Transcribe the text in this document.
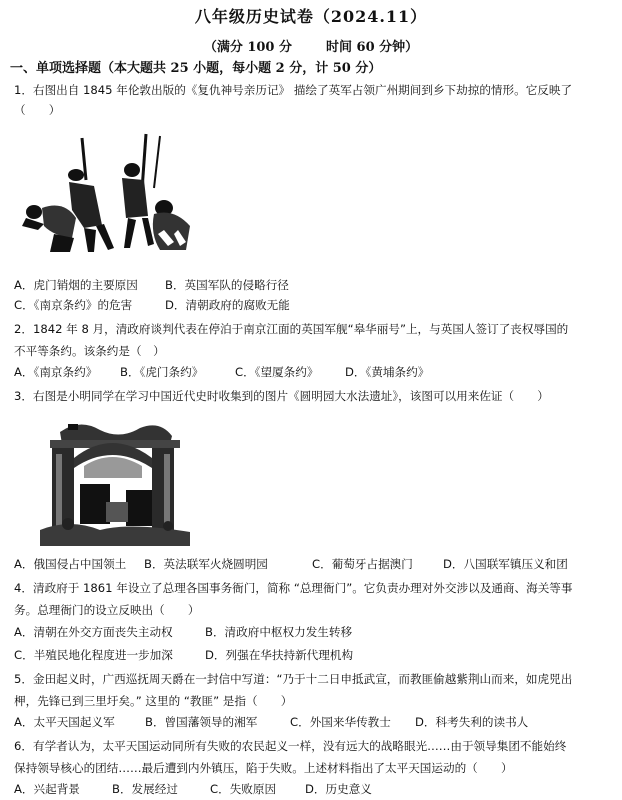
八年级历史试卷（2024.11）
（满分 100 分	时间 60 分钟）
一、单项选择题（本大题共 25 小题，每小题 2 分，计 50 分）
1．右图出自 1845 年伦敦出版的《复仇神号亲历记》 描绘了英军占领广州期间到乡下劫掠的情形。它反映了
（　　）
A．虎门销烟的主要原因 B．英国军队的侵略行径
C．《南京条约》的危害	D．清朝政府的腐败无能
2．1842 年 8 月，清政府谈判代表在停泊于南京江面的英国军舰“皋华丽号”上，与英国人签订了丧权辱国的
不平等条约。该条约是（　）
A．《南京条约》 B．《虎门条约》	C．《望厦条约》 D．《黄埔条约》
3．右图是小明同学在学习中国近代史时收集到的图片《圆明园大水法遗址》，该图可以用来佐证（　　）
A．俄国侵占中国领土 B．英法联军火烧圆明园	C．葡萄牙占据澳门	D．八国联军镇压义和团
4．清政府于 1861 年设立了总理各国事务衙门，简称 “总理衙门”。它负责办理对外交涉以及通商、海关等事
务。总理衙门的设立反映出（　　）
A．清朝在外交方面丧失主动权	B．清政府中枢权力发生转移
C．半殖民地化程度进一步加深	D．列强在华扶持新代理机构
5．金田起义时，广西巡抚周天爵在一封信中写道：“乃于十二日申抵武宣，而教匪偷越紫荆山而来，如虎兕出
柙，先锋已到三里圩矣。” 这里的 “教匪” 是指（　　）
A．太平天国起义军	B．曾国藩领导的湘军	C．外国来华传教士 D．科考失利的读书人
6．有学者认为，太平天国运动同所有失败的农民起义一样，没有远大的战略眼光……由于领导集团不能始终
保持领导核心的团结……最后遭到内外镇压，陷于失败。上述材料指出了太平天国运动的（　　）
A．兴起背景	B．发展经过	C．失败原因 D．历史意义
